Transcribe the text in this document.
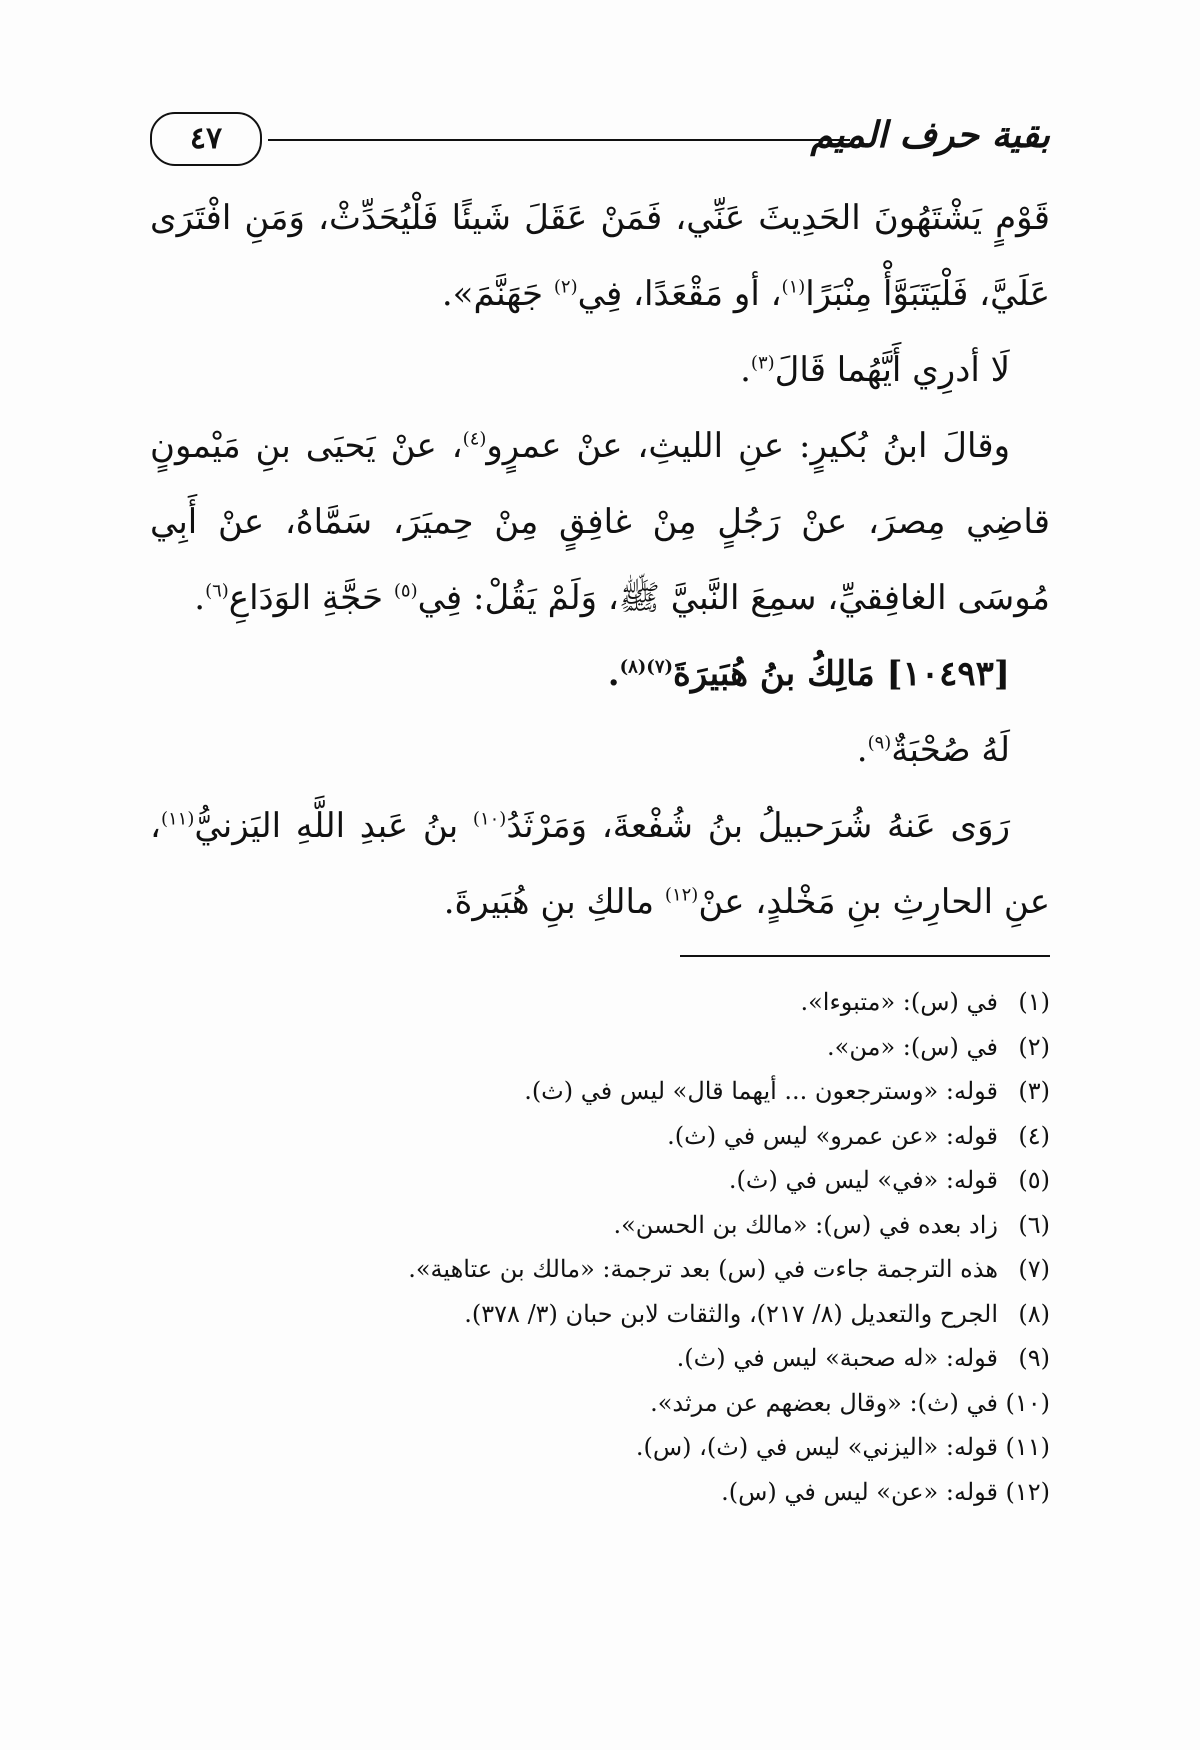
بقية حرف الميم
٤٧

قَوْمٍ يَشْتَهُونَ الحَدِيثَ عَنِّي، فَمَنْ عَقَلَ شَيئًا فَلْيُحَدِّثْ، وَمَنِ افْتَرَى عَلَيَّ، فَلْيَتَبَوَّأْ مِنْبَرًا$^{(١)}$، أو مَقْعَدًا، فِي$^{(٢)}$ جَهَنَّمَ».

لَا أدرِي أَيَّهُما قَالَ$^{(٣)}$.

وقالَ ابنُ بُكيرٍ: عنِ الليثِ، عنْ عمرٍو$^{(٤)}$، عنْ يَحيَى بنِ مَيْمونٍ قاضِي مِصرَ، عنْ رَجُلٍ مِنْ غافِقٍ مِنْ حِميَرَ، سَمَّاهُ، عنْ أَبِي مُوسَى الغافِقيِّ، سمِعَ النَّبيَّ ﷺ، وَلَمْ يَقُلْ: فِي$^{(٥)}$ حَجَّةِ الوَدَاعِ$^{(٦)}$.

[١٠٤٩٣] مَالِكُ بنُ هُبَيرَةَ$^{(٧)(٨)}$.

لَهُ صُحْبَةٌ$^{(٩)}$.

رَوَى عَنهُ شُرَحبيلُ بنُ شُفْعةَ، وَمَرْثَدُ$^{(١٠)}$ بنُ عَبدِ اللَّهِ اليَزنيُّ$^{(١١)}$، عنِ الحارِثِ بنِ مَخْلدٍ، عنْ$^{(١٢)}$ مالكِ بنِ هُبَيرةَ.

(١)في (س): «متبوءا».

(٢)في (س): «من».

(٣)قوله: «وسترجعون ... أيهما قال» ليس في (ث).

(٤)قوله: «عن عمرو» ليس في (ث).

(٥)قوله: «في» ليس في (ث).

(٦)زاد بعده في (س): «مالك بن الحسن».

(٧)هذه الترجمة جاءت في (س) بعد ترجمة: «مالك بن عتاهية».

(٨)الجرح والتعديل (٨/ ٢١٧)، والثقات لابن حبان (٣/ ٣٧٨).

(٩)قوله: «له صحبة» ليس في (ث).

(١٠)في (ث): «وقال بعضهم عن مرثد».

(١١)قوله: «اليزني» ليس في (ث)، (س).

(١٢)قوله: «عن» ليس في (س).
